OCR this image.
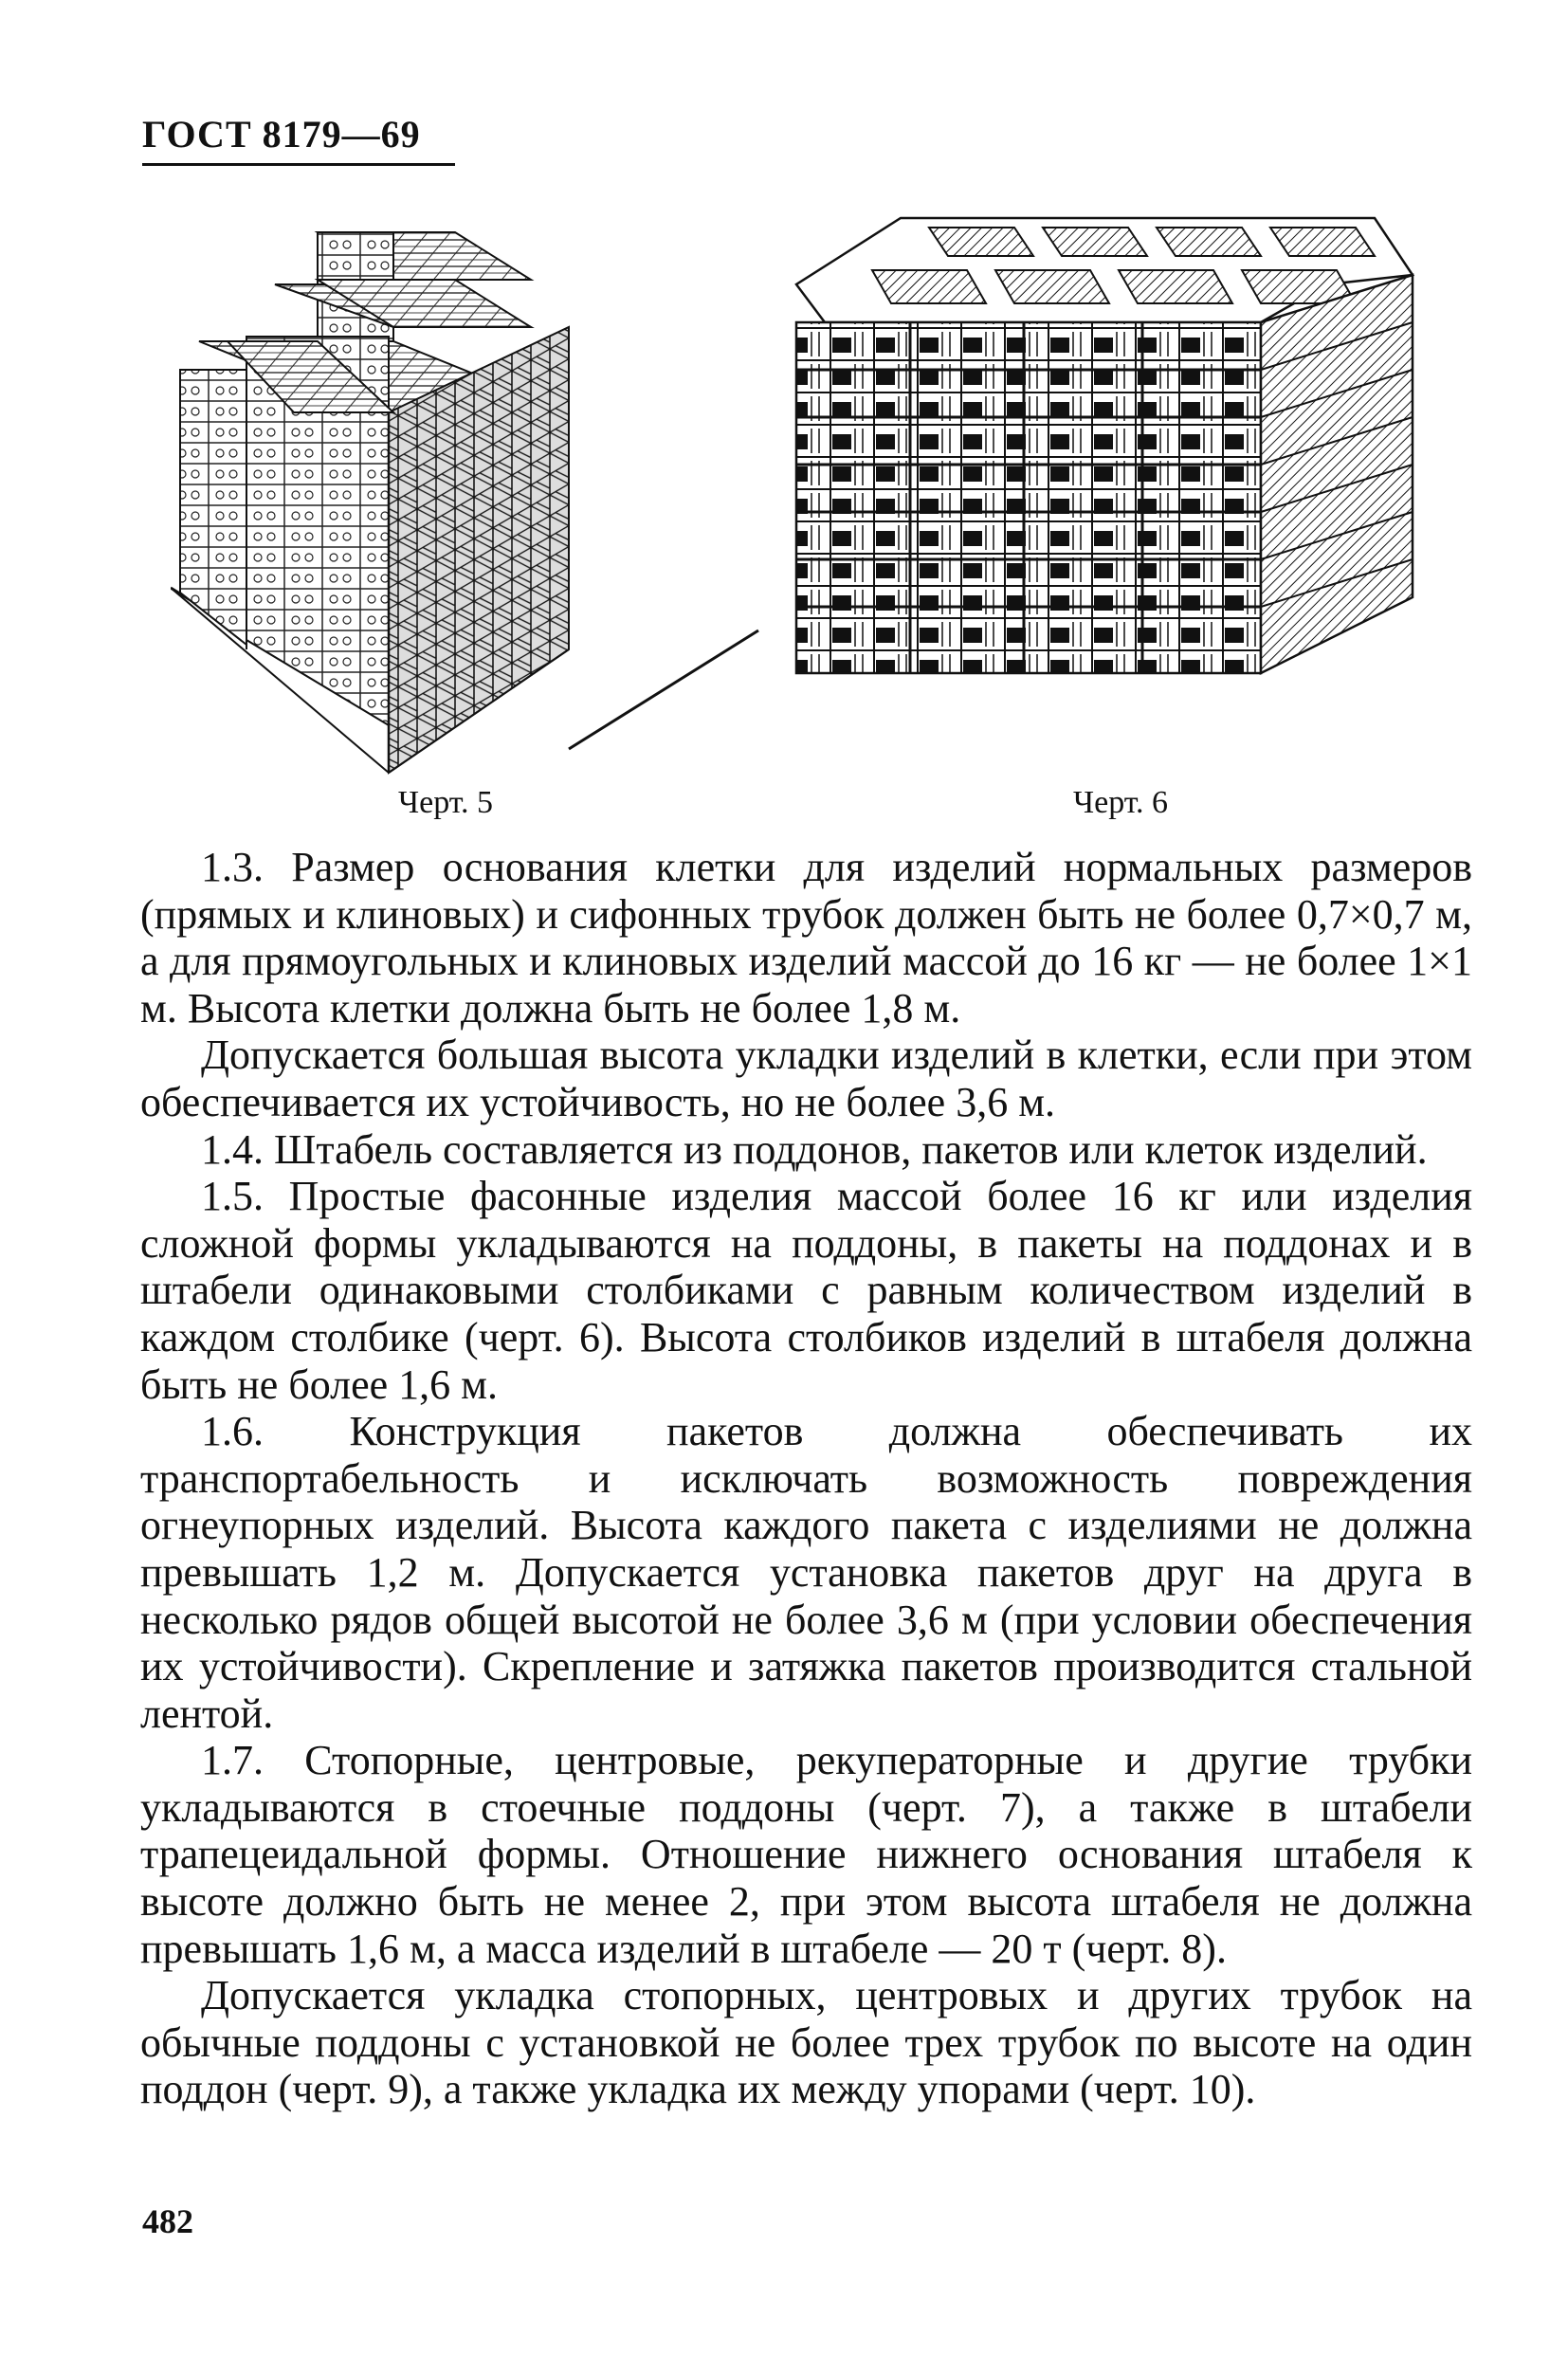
ГОСТ 8179—69
Черт. 5	Черт. 6

1.3. Размер основания клетки для изделий нормальных размеров (прямых и клиновых) и сифонных трубок должен быть не более 0,7×0,7 м, а для прямоугольных и клиновых изделий массой до 16 кг — не более 1×1 м. Высота клетки должна быть не более 1,8 м.

Допускается большая высота укладки изделий в клетки, если при этом обеспечивается их устойчивость, но не более 3,6 м.

1.4. Штабель составляется из поддонов, пакетов или клеток изделий.

1.5. Простые фасонные изделия массой более 16 кг или изделия сложной формы укладываются на поддоны, в пакеты на поддонах и в штабели одинаковыми столбиками с равным количеством изделий в каждом столбике (черт. 6). Высота столбиков изделий в штабеля должна быть не более 1,6 м.

1.6. Конструкция пакетов должна обеспечивать их транспортабельность и исключать возможность повреждения огнеупорных изделий. Высота каждого пакета с изделиями не должна превышать 1,2 м. Допускается установка пакетов друг на друга в несколько рядов общей высотой не более 3,6 м (при условии обеспечения их устойчивости). Скрепление и затяжка пакетов производится стальной лентой.

1.7. Стопорные, центровые, рекуператорные и другие трубки укладываются в стоечные поддоны (черт. 7), а также в штабели трапецеидальной формы. Отношение нижнего основания штабеля к высоте должно быть не менее 2, при этом высота штабеля не должна превышать 1,6 м, а масса изделий в штабеле — 20 т (черт. 8).

Допускается укладка стопорных, центровых и других трубок на обычные поддоны с установкой не более трех трубок по высоте на один поддон (черт. 9), а также укладка их между упорами (черт. 10).

482
